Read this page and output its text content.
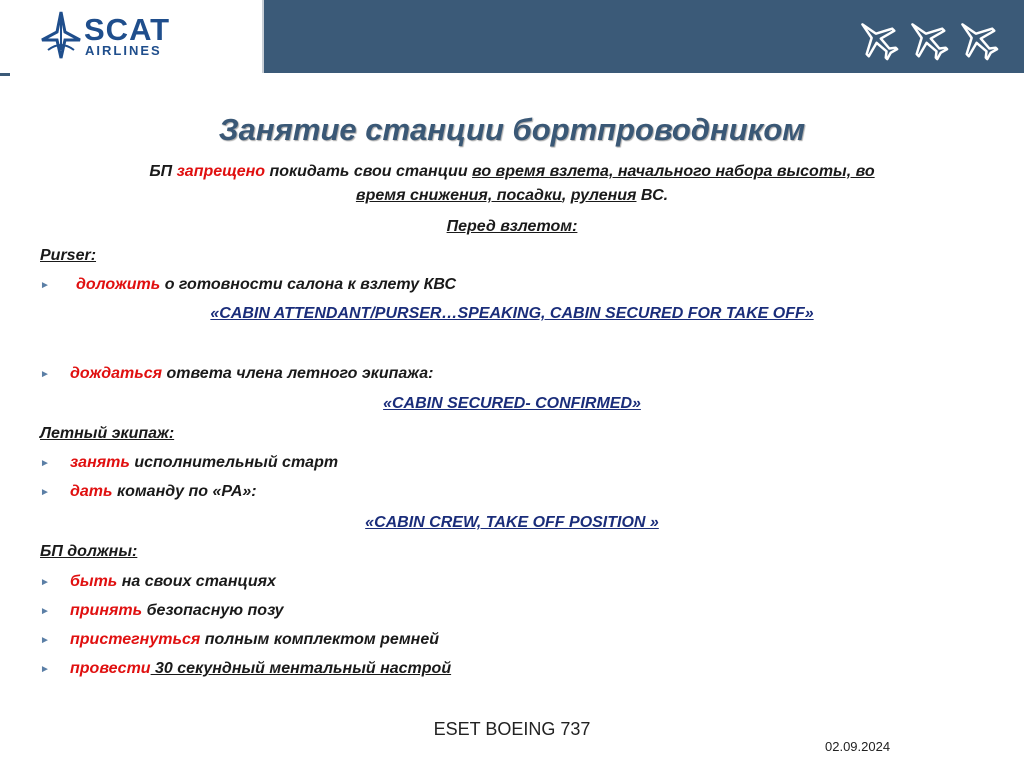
SCAT
AIRLINES
Занятие станции бортпроводником
БП запрещено покидать свои станции во время взлета, начального набора высоты, во
время снижения, посадки, руления ВС.
Перед взлетом:
Purser:
► доложить о готовности салона к взлету КВС
«CABIN ATTENDANT/PURSER…SPEAKING, CABIN SECURED FOR TAKE OFF»
► дождаться ответа члена летного экипажа:
«CABIN SECURED- CONFIRMED»
Летный экипаж:
► занять исполнительный старт
► дать команду по «PA»:
«CABIN CREW, TAKE OFF POSITION »
БП должны:
► быть на своих станциях
► принять безопасную позу
► пристегнуться полным комплектом ремней
► провести 30 секундный ментальный настрой
ESET BOEING 737
02.09.2024
